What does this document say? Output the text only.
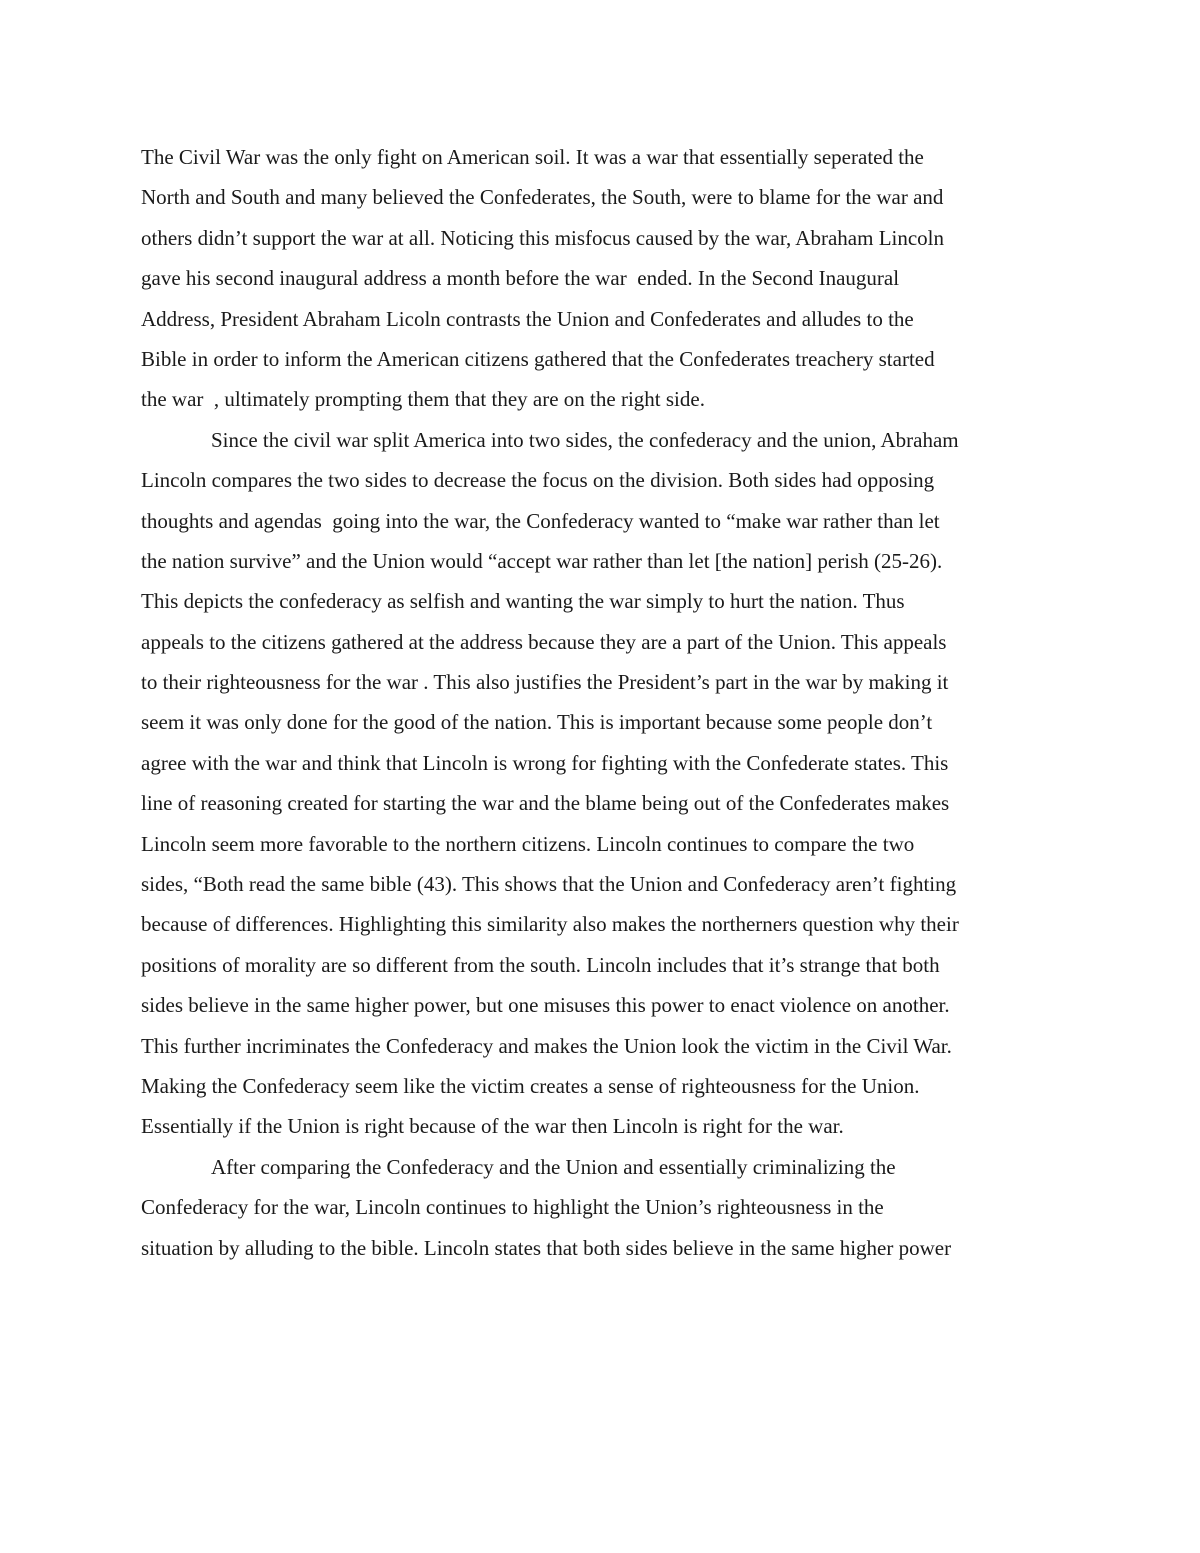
The Civil War was the only fight on American soil. It was a war that essentially seperated the
North and South and many believed the Confederates, the South, were to blame for the war and
others didn’t support the war at all. Noticing this misfocus caused by the war, Abraham Lincoln
gave his second inaugural address a month before the war  ended. In the Second Inaugural
Address, President Abraham Licoln contrasts the Union and Confederates and alludes to the
Bible in order to inform the American citizens gathered that the Confederates treachery started
the war  , ultimately prompting them that they are on the right side.
Since the civil war split America into two sides, the confederacy and the union, Abraham
Lincoln compares the two sides to decrease the focus on the division. Both sides had opposing
thoughts and agendas  going into the war, the Confederacy wanted to “make war rather than let
the nation survive” and the Union would “accept war rather than let [the nation] perish (25-26).
This depicts the confederacy as selfish and wanting the war simply to hurt the nation. Thus
appeals to the citizens gathered at the address because they are a part of the Union. This appeals
to their righteousness for the war . This also justifies the President’s part in the war by making it
seem it was only done for the good of the nation. This is important because some people don’t
agree with the war and think that Lincoln is wrong for fighting with the Confederate states. This
line of reasoning created for starting the war and the blame being out of the Confederates makes
Lincoln seem more favorable to the northern citizens. Lincoln continues to compare the two
sides, “Both read the same bible (43). This shows that the Union and Confederacy aren’t fighting
because of differences. Highlighting this similarity also makes the northerners question why their
positions of morality are so different from the south. Lincoln includes that it’s strange that both
sides believe in the same higher power, but one misuses this power to enact violence on another.
This further incriminates the Confederacy and makes the Union look the victim in the Civil War.
Making the Confederacy seem like the victim creates a sense of righteousness for the Union.
Essentially if the Union is right because of the war then Lincoln is right for the war.
After comparing the Confederacy and the Union and essentially criminalizing the
Confederacy for the war, Lincoln continues to highlight the Union’s righteousness in the
situation by alluding to the bible. Lincoln states that both sides believe in the same higher power
